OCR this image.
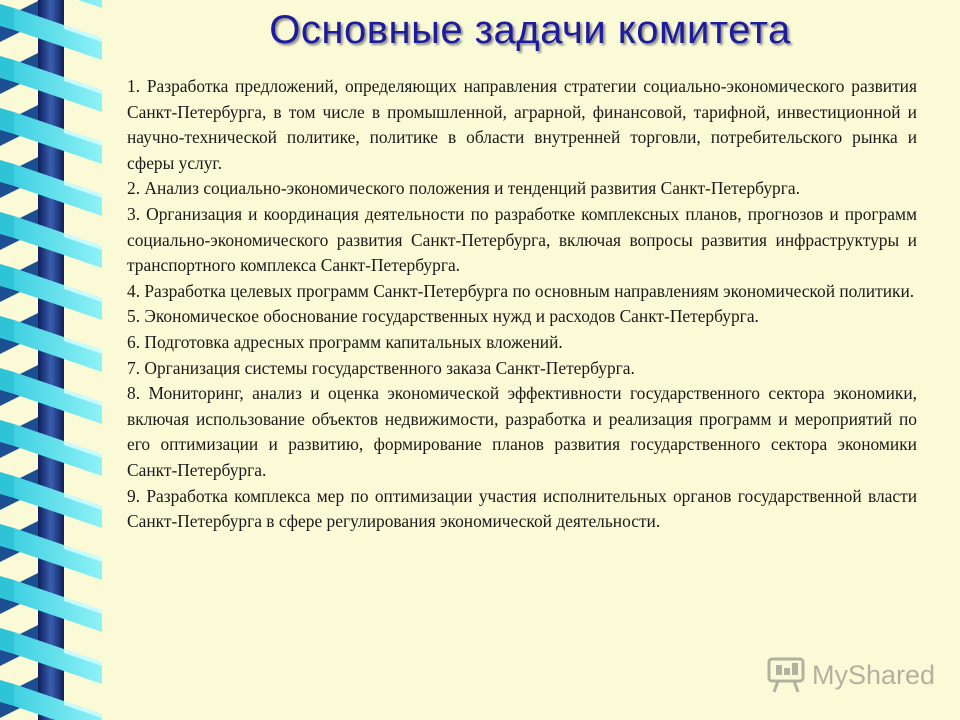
Основные задачи комитета
1. Разработка предложений, определяющих направления стратегии социально-экономического развития Санкт-Петербурга, в том числе в промышленной, аграрной, финансовой, тарифной, инвестиционной и научно-технической политике, политике в области внутренней торговли, потребительского рынка и сферы услуг.
2. Анализ социально-экономического положения и тенденций развития Санкт-Петербурга.
3. Организация и координация деятельности по разработке комплексных планов, прогнозов и программ социально-экономического развития Санкт-Петербурга, включая вопросы развития инфраструктуры и транспортного комплекса Санкт-Петербурга.
4. Разработка целевых программ Санкт-Петербурга по основным направлениям экономической политики.
5. Экономическое обоснование государственных нужд и расходов Санкт-Петербурга.
6. Подготовка адресных программ капитальных вложений.
7. Организация системы государственного заказа Санкт-Петербурга.
8. Мониторинг, анализ и оценка экономической эффективности государственного сектора экономики, включая использование объектов недвижимости, разработка и реализация программ и мероприятий по его оптимизации и развитию, формирование планов развития государственного сектора экономики Санкт-Петербурга.
9. Разработка комплекса мер по оптимизации участия исполнительных органов государственной власти Санкт-Петербурга в сфере регулирования экономической деятельности.
MyShared
